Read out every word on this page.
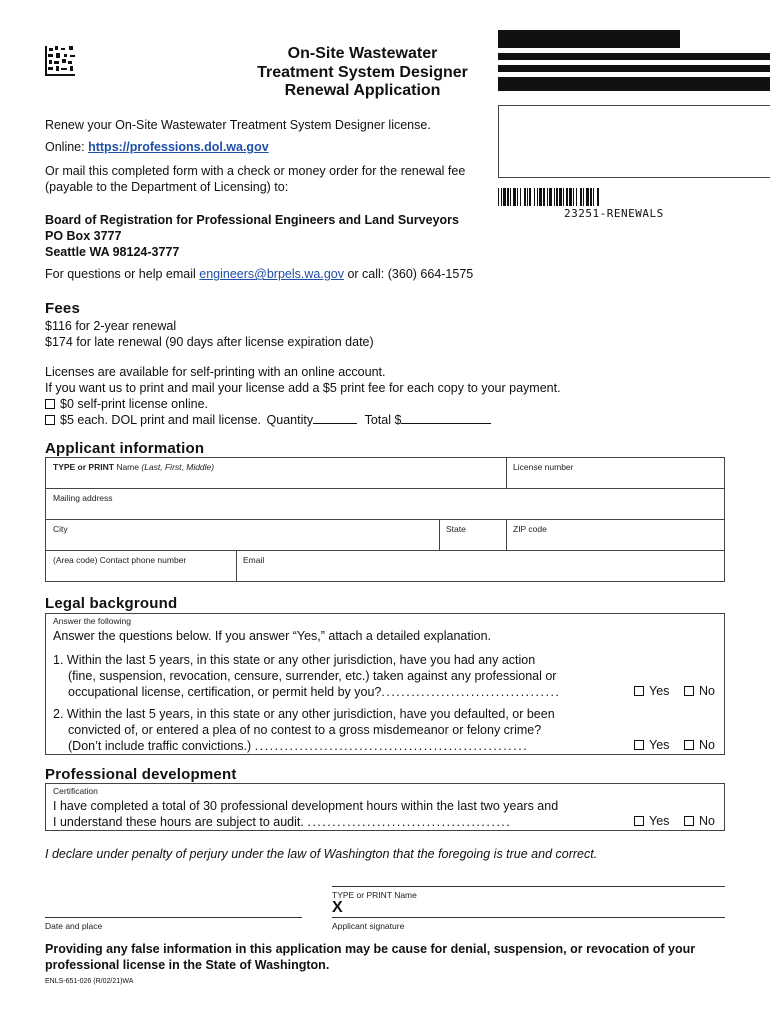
On-Site Wastewater
Treatment System Designer
Renewal Application
23251-RENEWALS
Renew your On-Site Wastewater Treatment System Designer license.
Online: https://professions.dol.wa.gov
Or mail this completed form with a check or money order for the renewal fee
(payable to the Department of Licensing) to:
Board of Registration for Professional Engineers and Land Surveyors
PO Box 3777
Seattle WA 98124-3777
For questions or help email engineers@brpels.wa.gov or call: (360) 664-1575
Fees
$116 for 2-year renewal
$174 for late renewal (90 days after license expiration date)
Licenses are available for self-printing with an online account.
If you want us to print and mail your license add a $5 print fee for each copy to your payment.
$0 self-print license online.
$5 each. DOL print and mail license. Quantity	Total $
Applicant information
TYPE or PRINT Name (Last, First, Middle)	License number
Mailing address
City	State	ZIP code
(Area code) Contact phone number	Email
Legal background
Answer the following
Answer the questions below. If you answer “Yes,” attach a detailed explanation.
1. Within the last 5 years, in this state or any other jurisdiction, have you had any action
(fine, suspension, revocation, censure, surrender, etc.) taken against any professional or
occupational license, certification, or permit held by you?....................................	Yes	No
2. Within the last 5 years, in this state or any other jurisdiction, have you defaulted, or been
convicted of, or entered a plea of no contest to a gross misdemeanor or felony crime?
(Don’t include traffic convictions.) .......................................................	Yes	No
Professional development
Certification
I have completed a total of 30 professional development hours within the last two years and
I understand these hours are subject to audit. .........................................	Yes	No
I declare under penalty of perjury under the law of Washington that the foregoing is true and correct.
TYPE or PRINT Name
X
Date and place	Applicant signature
Providing any false information in this application may be cause for denial, suspension, or revocation of your
professional license in the State of Washington.
ENLS-651-026 (R/02/21)WA
